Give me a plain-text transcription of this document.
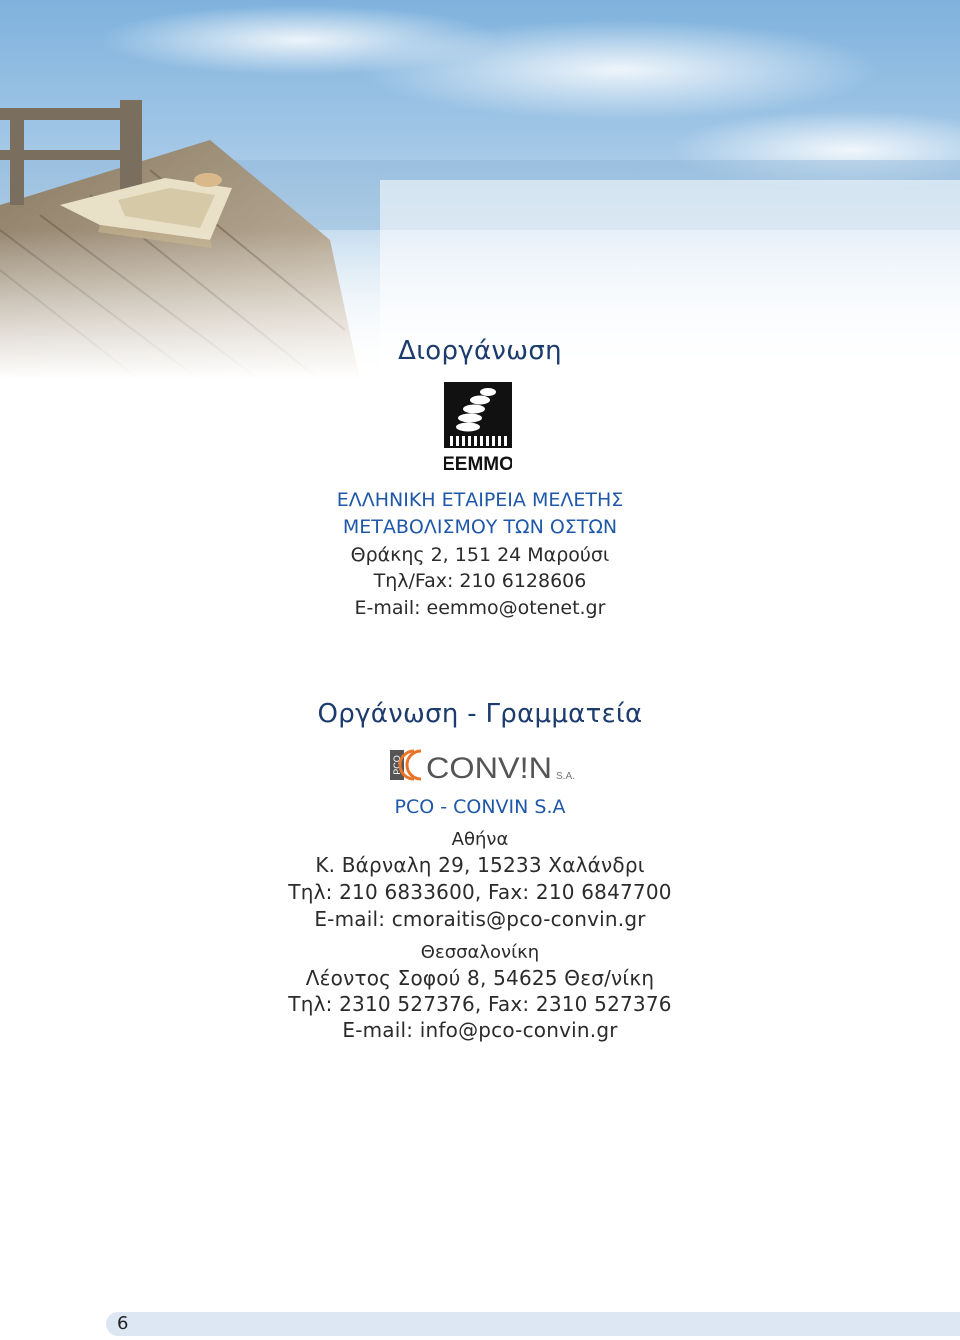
Διοργάνωση
EEMMO
ΕΛΛΗΝΙΚΗ ΕΤΑΙΡΕΙΑ ΜΕΛΕΤΗΣ
ΜΕΤΑΒΟΛΙΣΜΟΥ ΤΩΝ ΟΣΤΩΝ
Θράκης 2, 151 24 Μαρούσι
Τηλ/Fax: 210 6128606
E-mail: eemmo@otenet.gr
Οργάνωση - Γραμματεία
PCO CONV!N S.A.
PCO - CONVIN S.A
Αθήνα
Κ. Βάρναλη 29, 15233 Χαλάνδρι
Τηλ: 210 6833600, Fax: 210 6847700
E-mail: cmoraitis@pco-convin.gr
Θεσσαλονίκη
Λέοντος Σοφού 8, 54625 Θεσ/νίκη
Τηλ: 2310 527376, Fax: 2310 527376
E-mail: info@pco-convin.gr
6
